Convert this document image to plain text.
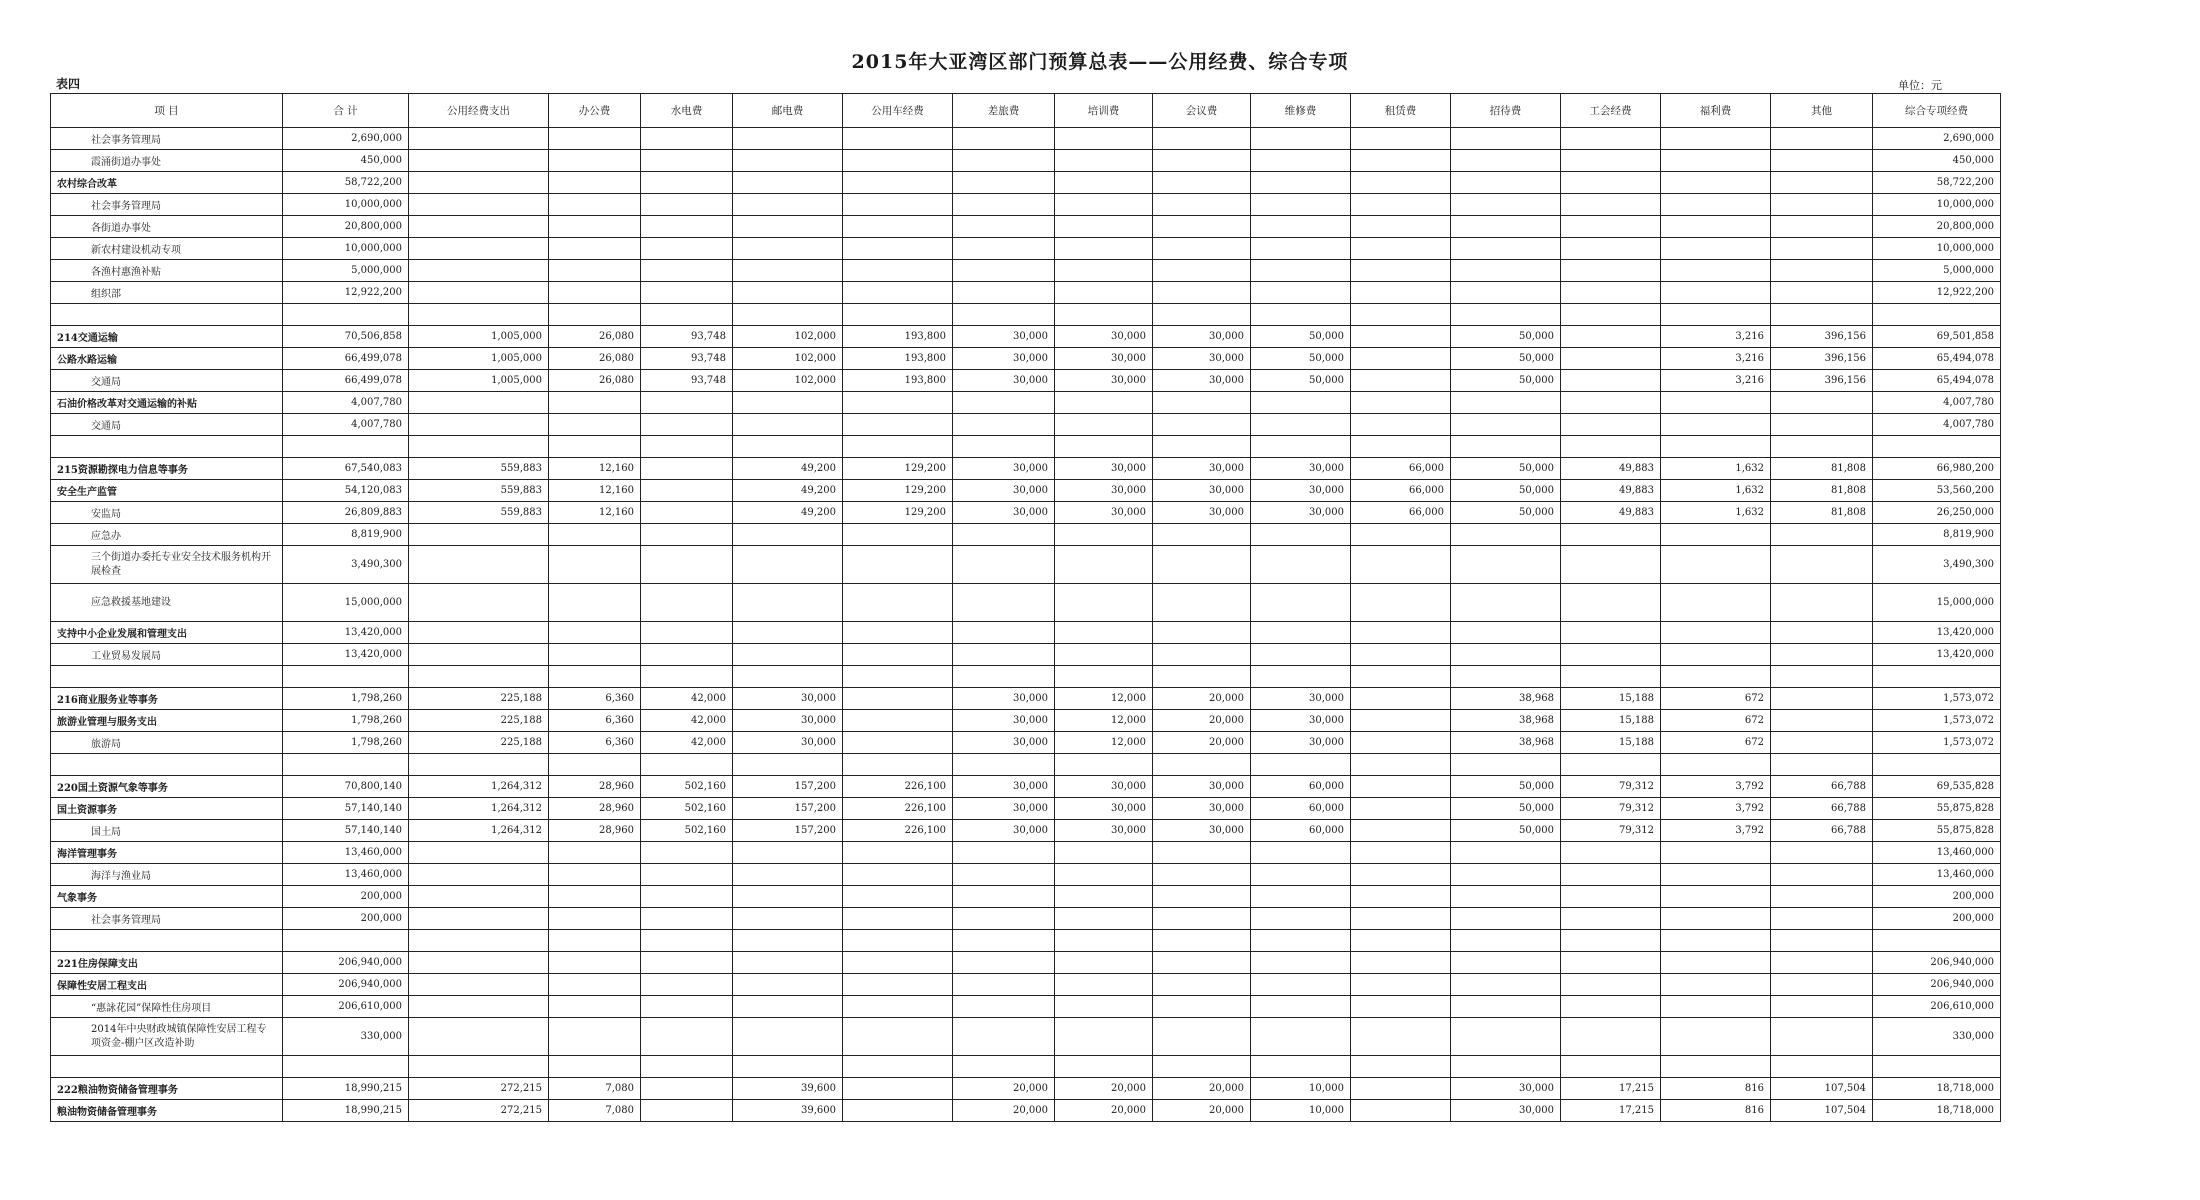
2015年大亚湾区部门预算总表——公用经费、综合专项
表四	单位：元
项 目	合 计	公用经费支出	办公费	水电费	邮电费	公用车经费	差旅费	培训费	会议费	维修费	租赁费	招待费	工会经费	福利费	其他	综合专项经费
社会事务管理局	2,690,000															2,690,000
霞涌街道办事处	450,000															450,000
农村综合改革	58,722,200															58,722,200
社会事务管理局	10,000,000															10,000,000
各街道办事处	20,800,000															20,800,000
新农村建设机动专项	10,000,000															10,000,000
各渔村惠渔补贴	5,000,000															5,000,000
组织部	12,922,200															12,922,200

214交通运输	70,506,858	1,005,000	26,080	93,748	102,000	193,800	30,000	30,000	30,000	50,000		50,000		3,216	396,156	69,501,858
公路水路运输	66,499,078	1,005,000	26,080	93,748	102,000	193,800	30,000	30,000	30,000	50,000		50,000		3,216	396,156	65,494,078
交通局	66,499,078	1,005,000	26,080	93,748	102,000	193,800	30,000	30,000	30,000	50,000		50,000		3,216	396,156	65,494,078
石油价格改革对交通运输的补贴	4,007,780															4,007,780
交通局	4,007,780															4,007,780

215资源勘探电力信息等事务	67,540,083	559,883	12,160		49,200	129,200	30,000	30,000	30,000	30,000	66,000	50,000	49,883	1,632	81,808	66,980,200
安全生产监管	54,120,083	559,883	12,160		49,200	129,200	30,000	30,000	30,000	30,000	66,000	50,000	49,883	1,632	81,808	53,560,200
安监局	26,809,883	559,883	12,160		49,200	129,200	30,000	30,000	30,000	30,000	66,000	50,000	49,883	1,632	81,808	26,250,000
应急办	8,819,900															8,819,900
三个街道办委托专业安全技术服务机构开展检查	3,490,300															3,490,300
应急救援基地建设	15,000,000															15,000,000
支持中小企业发展和管理支出	13,420,000															13,420,000
工业贸易发展局	13,420,000															13,420,000

216商业服务业等事务	1,798,260	225,188	6,360	42,000	30,000		30,000	12,000	20,000	30,000		38,968	15,188	672		1,573,072
旅游业管理与服务支出	1,798,260	225,188	6,360	42,000	30,000		30,000	12,000	20,000	30,000		38,968	15,188	672		1,573,072
旅游局	1,798,260	225,188	6,360	42,000	30,000		30,000	12,000	20,000	30,000		38,968	15,188	672		1,573,072

220国土资源气象等事务	70,800,140	1,264,312	28,960	502,160	157,200	226,100	30,000	30,000	30,000	60,000		50,000	79,312	3,792	66,788	69,535,828
国土资源事务	57,140,140	1,264,312	28,960	502,160	157,200	226,100	30,000	30,000	30,000	60,000		50,000	79,312	3,792	66,788	55,875,828
国土局	57,140,140	1,264,312	28,960	502,160	157,200	226,100	30,000	30,000	30,000	60,000		50,000	79,312	3,792	66,788	55,875,828
海洋管理事务	13,460,000															13,460,000
海洋与渔业局	13,460,000															13,460,000
气象事务	200,000															200,000
社会事务管理局	200,000															200,000

221住房保障支出	206,940,000															206,940,000
保障性安居工程支出	206,940,000															206,940,000
“惠詠花园”保障性住房项目	206,610,000															206,610,000
2014年中央财政城镇保障性安居工程专项资金-棚户区改造补助	330,000															330,000

222粮油物资储备管理事务	18,990,215	272,215	7,080		39,600		20,000	20,000	20,000	10,000		30,000	17,215	816	107,504	18,718,000
粮油物资储备管理事务	18,990,215	272,215	7,080		39,600		20,000	20,000	20,000	10,000		30,000	17,215	816	107,504	18,718,000
